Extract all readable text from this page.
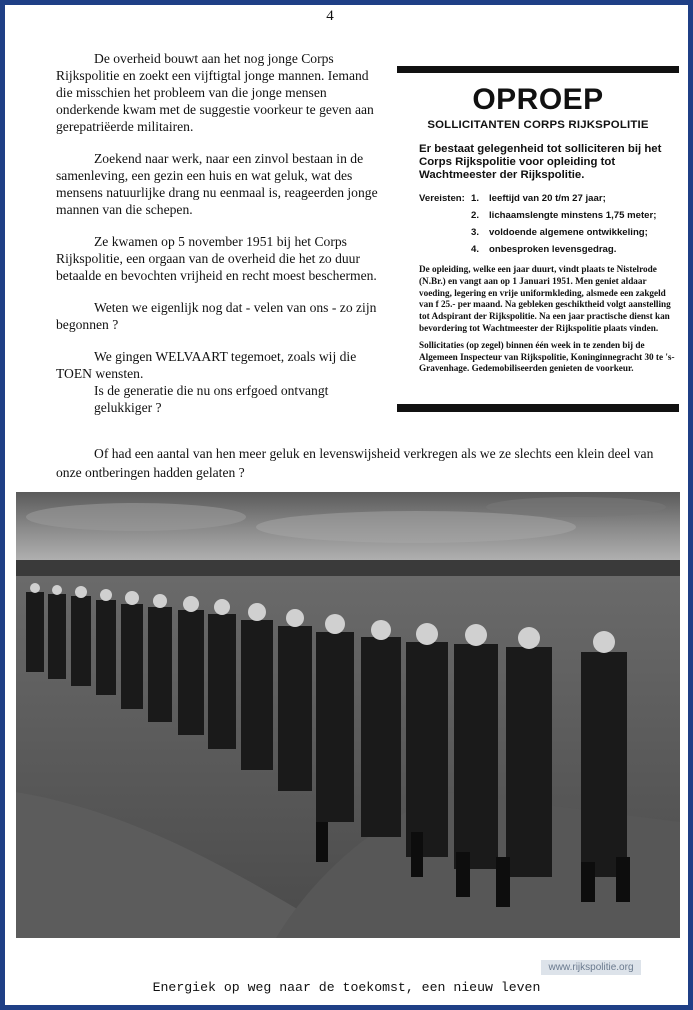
4

De overheid bouwt aan het nog jonge Corps Rijkspolitie en zoekt een vijftigtal jonge mannen. Iemand die misschien het probleem van die jonge mensen onderkende kwam met de suggestie voorkeur te geven aan gerepatriëerde militairen.

Zoekend naar werk, naar een zinvol bestaan in de samenleving, een gezin een huis en wat geluk, wat des mensens natuurlijke drang nu eenmaal is, reageerden jonge mannen van die schepen.

Ze kwamen op 5 november 1951 bij het Corps Rijkspolitie, een orgaan van de overheid die het zo duur betaalde en bevochten vrijheid en recht moest beschermen.

Weten we eigenlijk nog dat - velen van ons - zo zijn begonnen ?

We gingen WELVAART tegemoet, zoals wij die TOEN wensten.

Is de generatie die nu ons erfgoed ontvangt gelukkiger ?

OPROEP
SOLLICITANTEN CORPS RIJKSPOLITIE
Er bestaat gelegenheid tot solliciteren bij het Corps Rijkspolitie voor opleiding tot Wachtmeester der Rijkspolitie.
Vereisten: 1.	leeftijd van 20 t/m 27 jaar;
2.	lichaamslengte minstens 1,75 meter;
3.	voldoende algemene ontwikkeling;
4.	onbesproken levensgedrag.
De opleiding, welke een jaar duurt, vindt plaats te Nistelrode (N.Br.) en vangt aan op 1 Januari 1951. Men geniet aldaar voeding, legering en vrije uniformkleding, alsmede een zakgeld van f 25.- per maand. Na gebleken geschiktheid volgt aanstelling tot Adspirant der Rijkspolitie. Na een jaar practische dienst kan bevordering tot Wachtmeester der Rijkspolitie plaats vinden.
Sollicitaties (op zegel) binnen één week in te zenden bij de Algemeen Inspecteur van Rijkspolitie, Koninginnegracht 30 te 's-Gravenhage. Gedemobiliseerden genieten de voorkeur.

Of had een aantal van hen meer geluk en levenswijsheid verkregen als we ze slechts een klein deel van onze ontberingen hadden gelaten ?

www.rijkspolitie.org
Energiek op weg naar de toekomst, een nieuw leven
